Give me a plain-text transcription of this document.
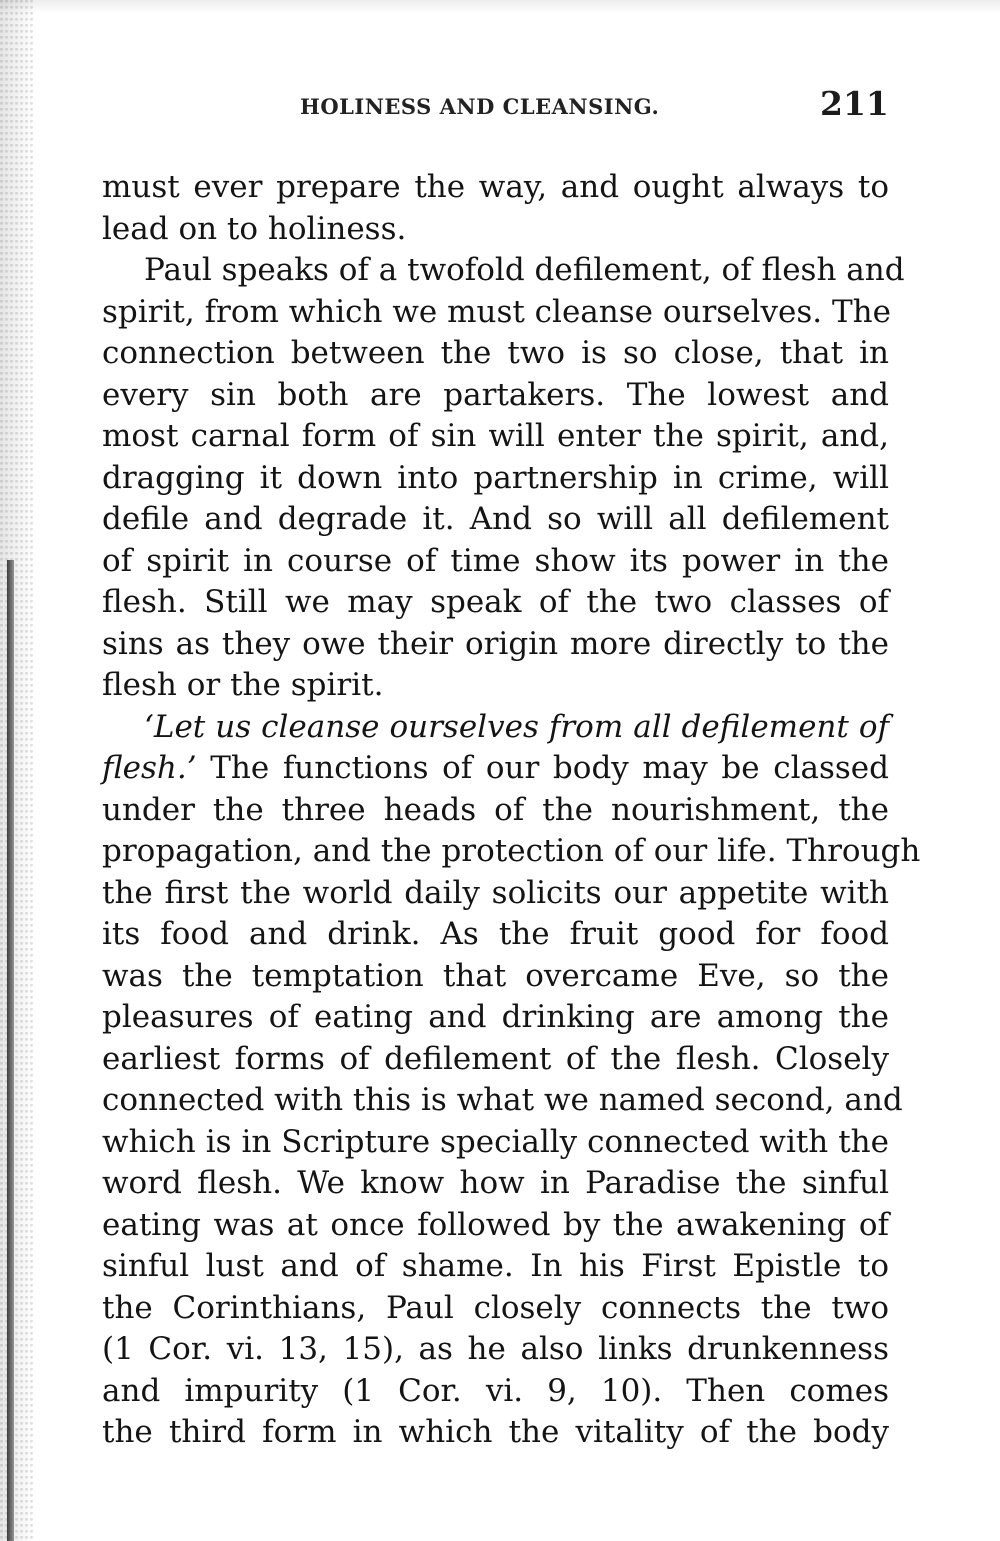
HOLINESS AND CLEANSING.	211
must ever prepare the way, and ought always to
lead on to holiness.
Paul speaks of a twofold defilement, of flesh and
spirit, from which we must cleanse ourselves. The
connection between the two is so close, that in
every sin both are partakers. The lowest and
most carnal form of sin will enter the spirit, and,
dragging it down into partnership in crime, will
defile and degrade it. And so will all defilement
of spirit in course of time show its power in the
flesh. Still we may speak of the two classes of
sins as they owe their origin more directly to the
flesh or the spirit.
‘Let us cleanse ourselves from all defilement of
flesh.’ The functions of our body may be classed
under the three heads of the nourishment, the
propagation, and the protection of our life. Through
the first the world daily solicits our appetite with
its food and drink. As the fruit good for food
was the temptation that overcame Eve, so the
pleasures of eating and drinking are among the
earliest forms of defilement of the flesh. Closely
connected with this is what we named second, and
which is in Scripture specially connected with the
word flesh. We know how in Paradise the sinful
eating was at once followed by the awakening of
sinful lust and of shame. In his First Epistle to
the Corinthians, Paul closely connects the two
(1 Cor. vi. 13, 15), as he also links drunkenness
and impurity (1 Cor. vi. 9, 10). Then comes
the third form in which the vitality of the body
